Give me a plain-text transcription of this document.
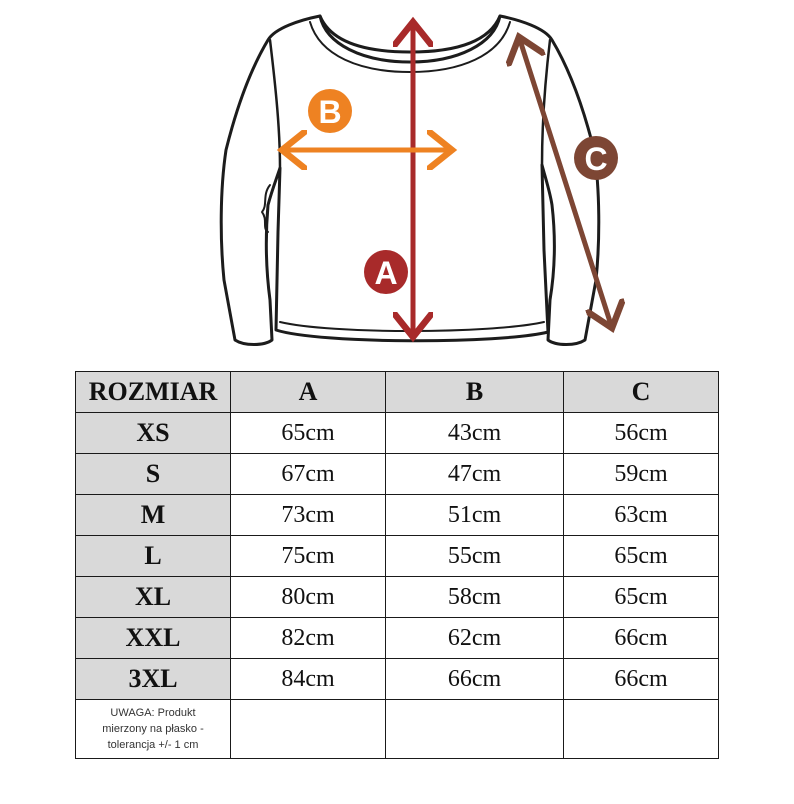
A
B
C
ROZMIAR	A	B	C
XS	65cm	43cm	56cm
S	67cm	47cm	59cm
M	73cm	51cm	63cm
L	75cm	55cm	65cm
XL	80cm	58cm	65cm
XXL	82cm	62cm	66cm
3XL	84cm	66cm	66cm

UWAGA: Produkt
mierzony na płasko -
tolerancja +/- 1 cm			
